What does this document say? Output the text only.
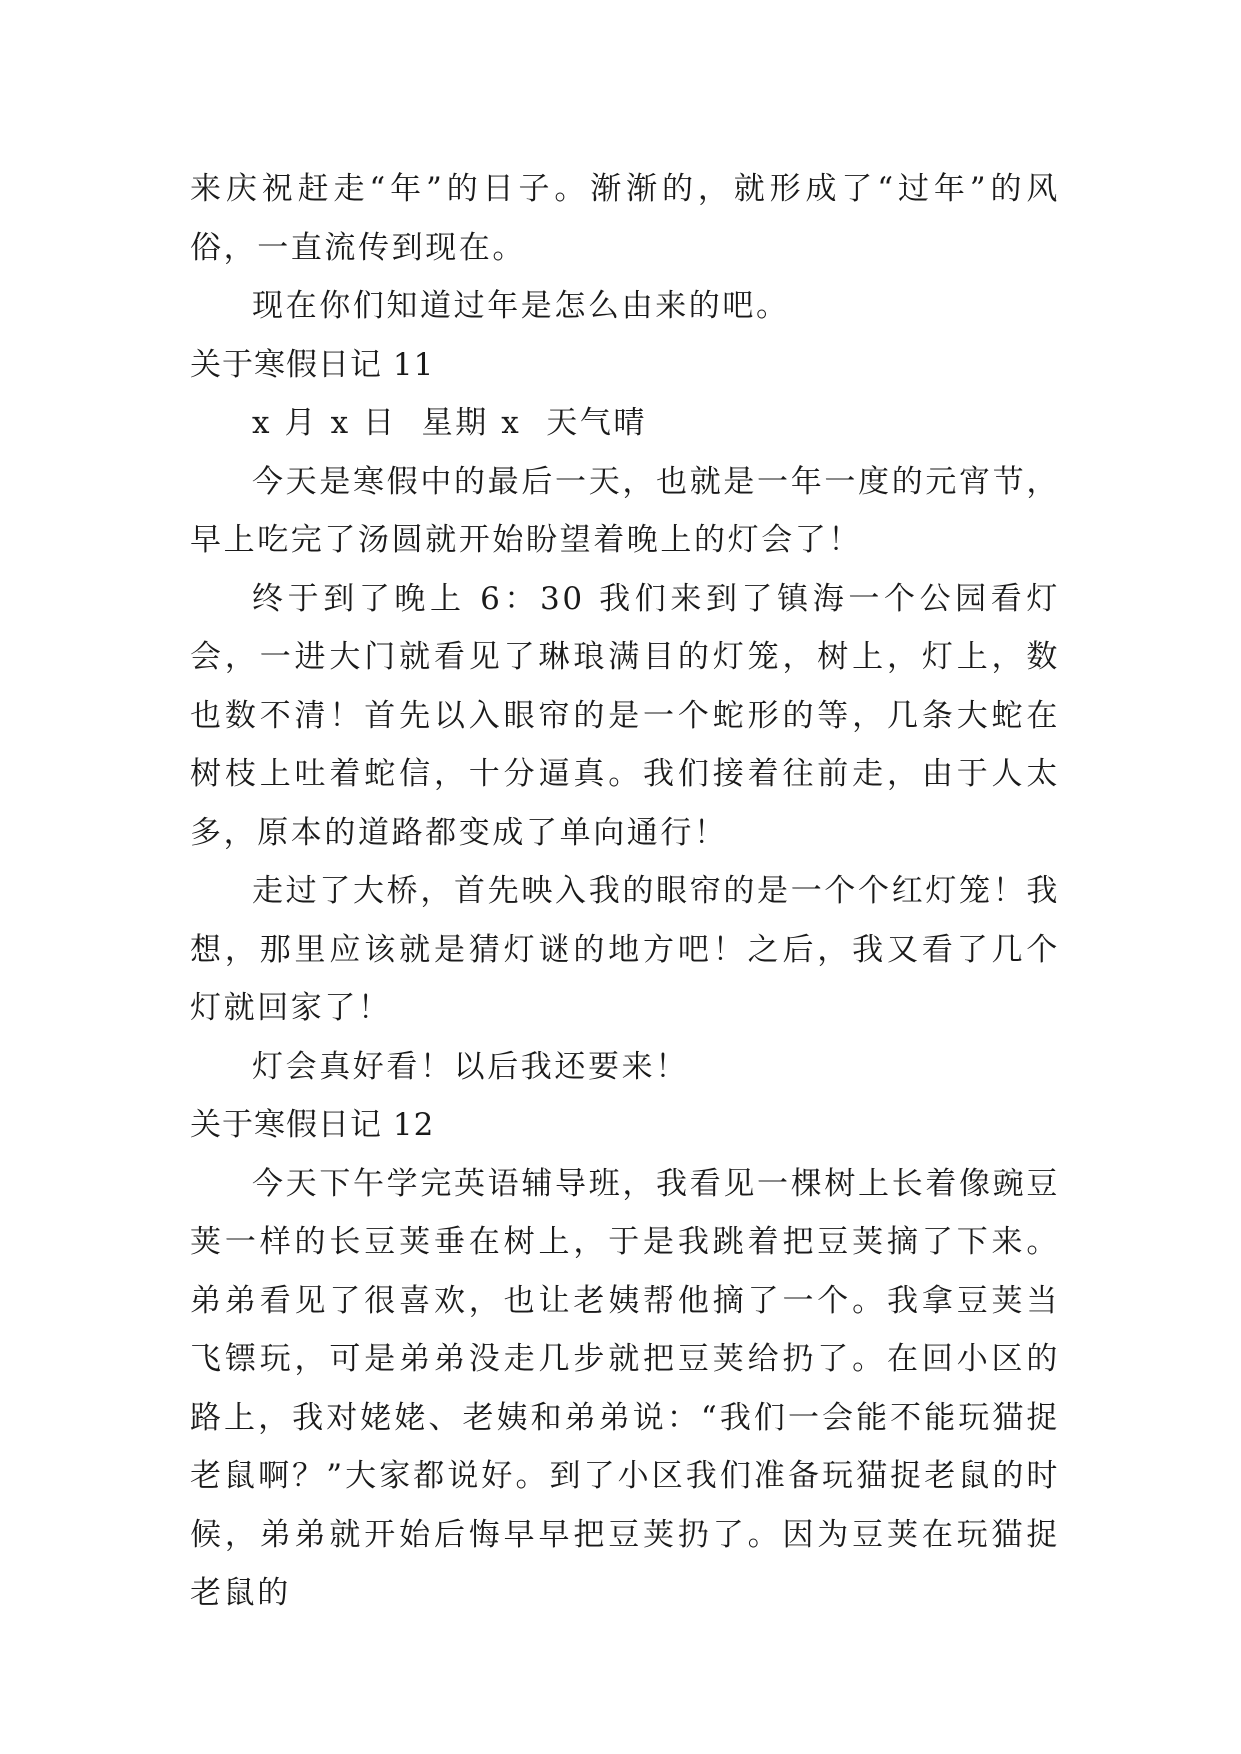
来庆祝赶走“年”的日子。渐渐的，就形成了“过年”的风俗，一直流传到现在。

现在你们知道过年是怎么由来的吧。

关于寒假日记 11

x 月 x 日  星期 x  天气晴

今天是寒假中的最后一天，也就是一年一度的元宵节，早上吃完了汤圆就开始盼望着晚上的灯会了！

终于到了晚上 6：30 我们来到了镇海一个公园看灯会，一进大门就看见了琳琅满目的灯笼，树上，灯上，数也数不清！首先以入眼帘的是一个蛇形的等，几条大蛇在树枝上吐着蛇信，十分逼真。我们接着往前走，由于人太多，原本的道路都变成了单向通行！

走过了大桥，首先映入我的眼帘的是一个个红灯笼！我想，那里应该就是猜灯谜的地方吧！之后，我又看了几个灯就回家了！

灯会真好看！以后我还要来！

关于寒假日记 12

今天下午学完英语辅导班，我看见一棵树上长着像豌豆荚一样的长豆荚垂在树上，于是我跳着把豆荚摘了下来。弟弟看见了很喜欢，也让老姨帮他摘了一个。我拿豆荚当飞镖玩，可是弟弟没走几步就把豆荚给扔了。在回小区的路上，我对姥姥、老姨和弟弟说：“我们一会能不能玩猫捉老鼠啊？”大家都说好。到了小区我们准备玩猫捉老鼠的时候，弟弟就开始后悔早早把豆荚扔了。因为豆荚在玩猫捉老鼠的
